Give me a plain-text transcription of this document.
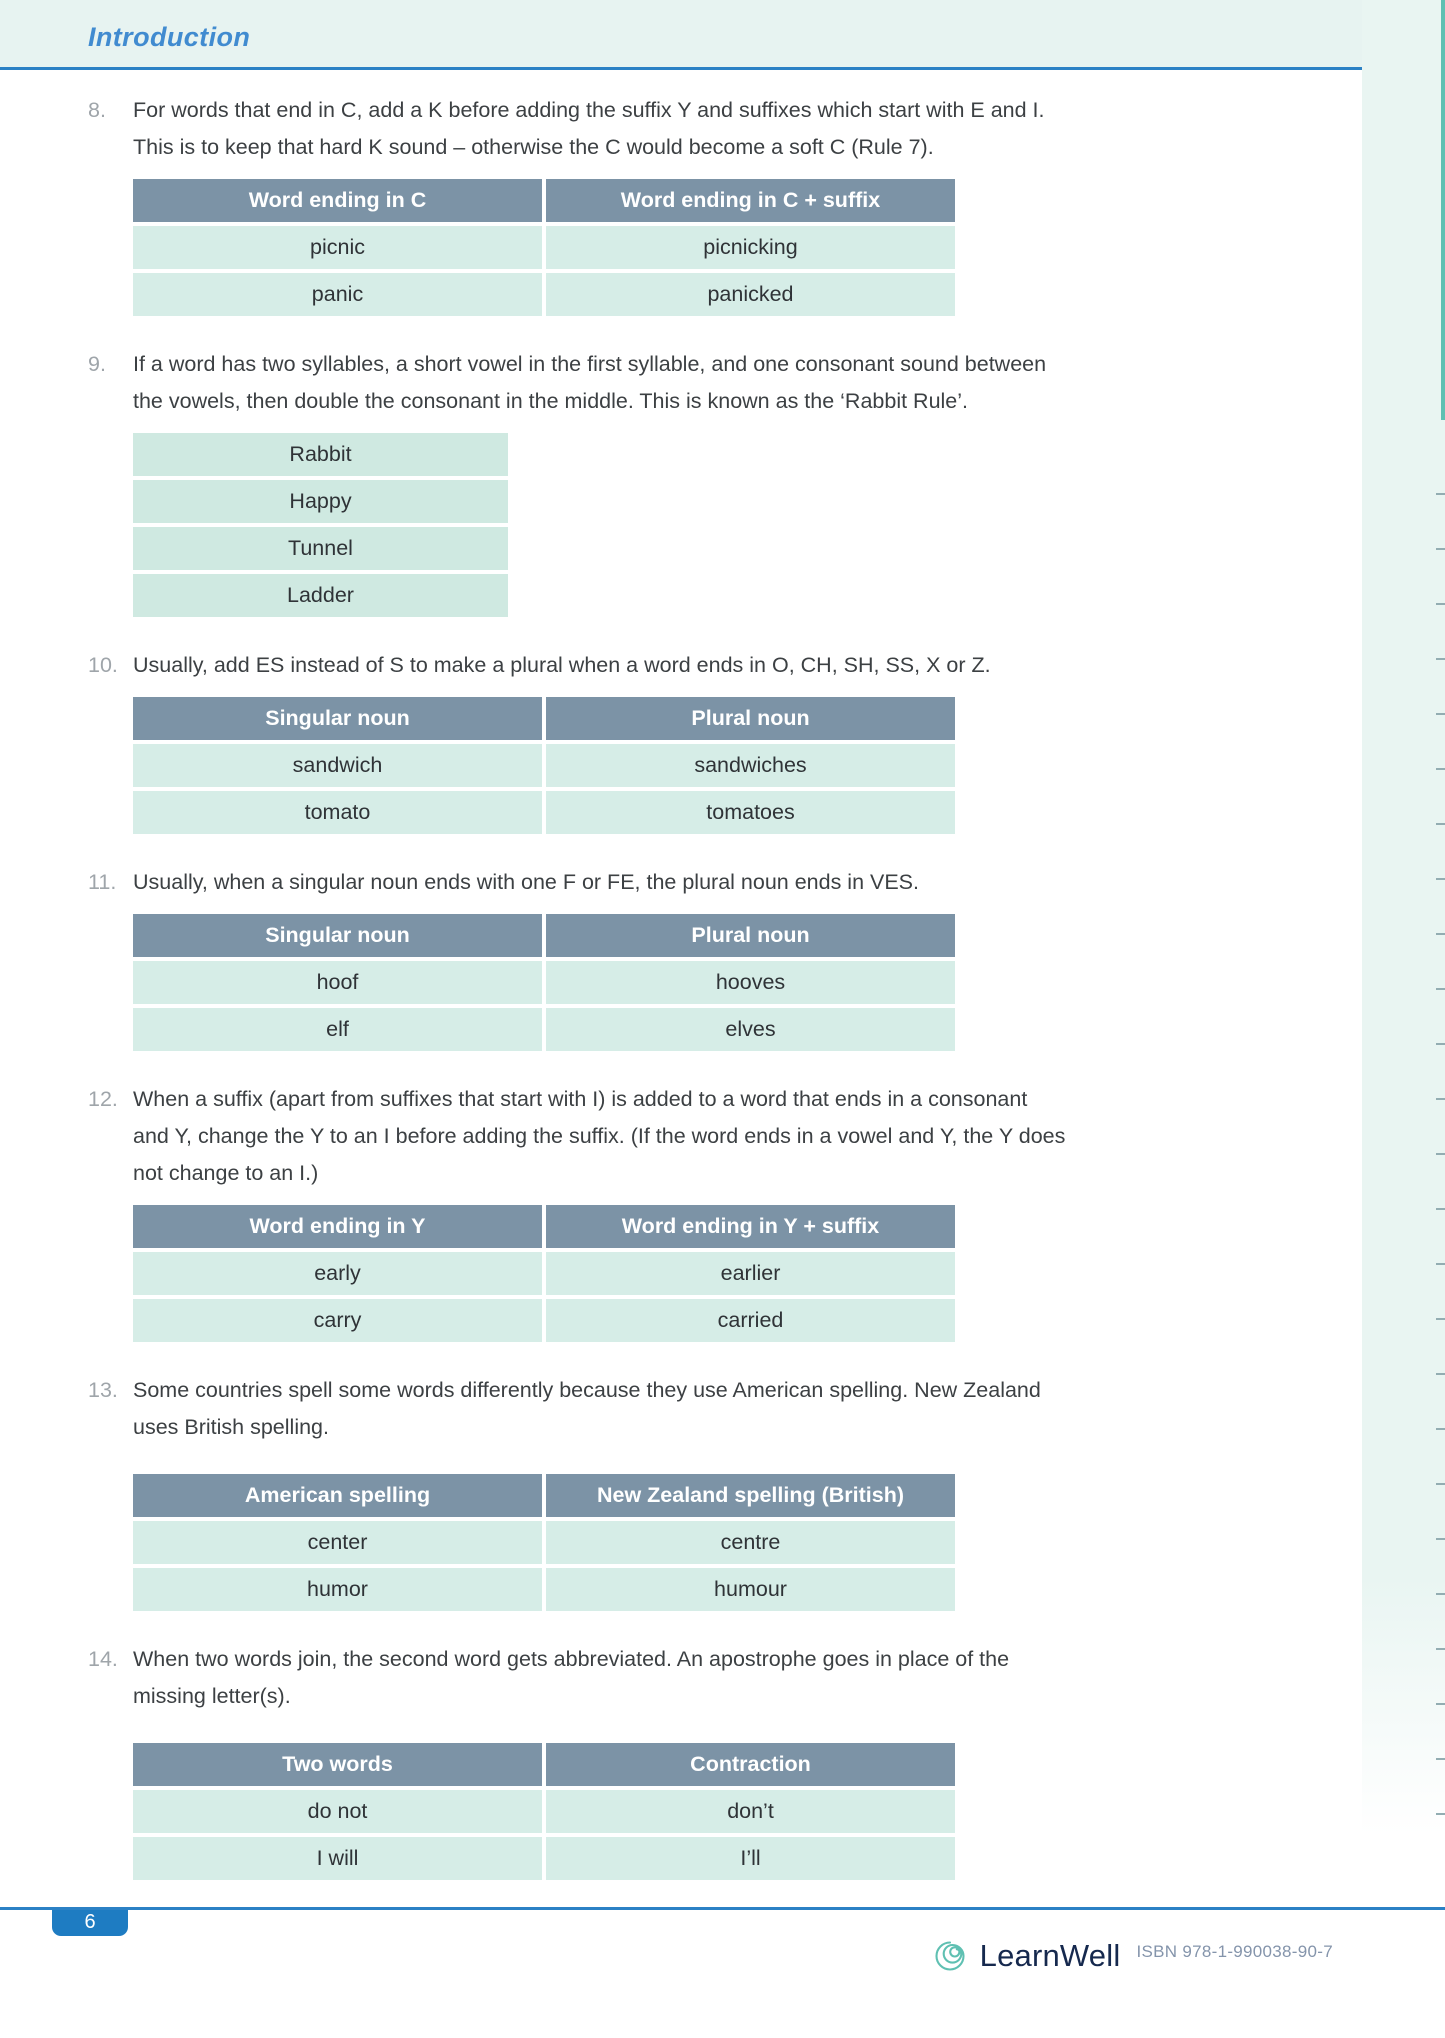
Introduction
8.	For words that end in C, add a K before adding the suffix Y and suffixes which start with E and I.
This is to keep that hard K sound – otherwise the C would become a soft C (Rule 7).
Word ending in C	Word ending in C + suffix
picnic	picnicking
panic	panicked
9.	If a word has two syllables, a short vowel in the first syllable, and one consonant sound between
the vowels, then double the consonant in the middle. This is known as the ‘Rabbit Rule’.
Rabbit
Happy
Tunnel
Ladder
10. Usually, add ES instead of S to make a plural when a word ends in O, CH, SH, SS, X or Z.
Singular noun	Plural noun
sandwich	sandwiches
tomato	tomatoes
11. Usually, when a singular noun ends with one F or FE, the plural noun ends in VES.
Singular noun	Plural noun
hoof	hooves
elf	elves
12. When a suffix (apart from suffixes that start with I) is added to a word that ends in a consonant
and Y, change the Y to an I before adding the suffix. (If the word ends in a vowel and Y, the Y does
not change to an I.)
Word ending in Y	Word ending in Y + suffix
early	earlier
carry	carried
13. Some countries spell some words differently because they use American spelling. New Zealand
uses British spelling.
American spelling	New Zealand spelling (British)
center	centre
humor	humour
14. When two words join, the second word gets abbreviated. An apostrophe goes in place of the
missing letter(s).
Two words	Contraction
do not	don’t
I will	I’ll
6
LearnWell ISBN 978-1-990038-90-7
